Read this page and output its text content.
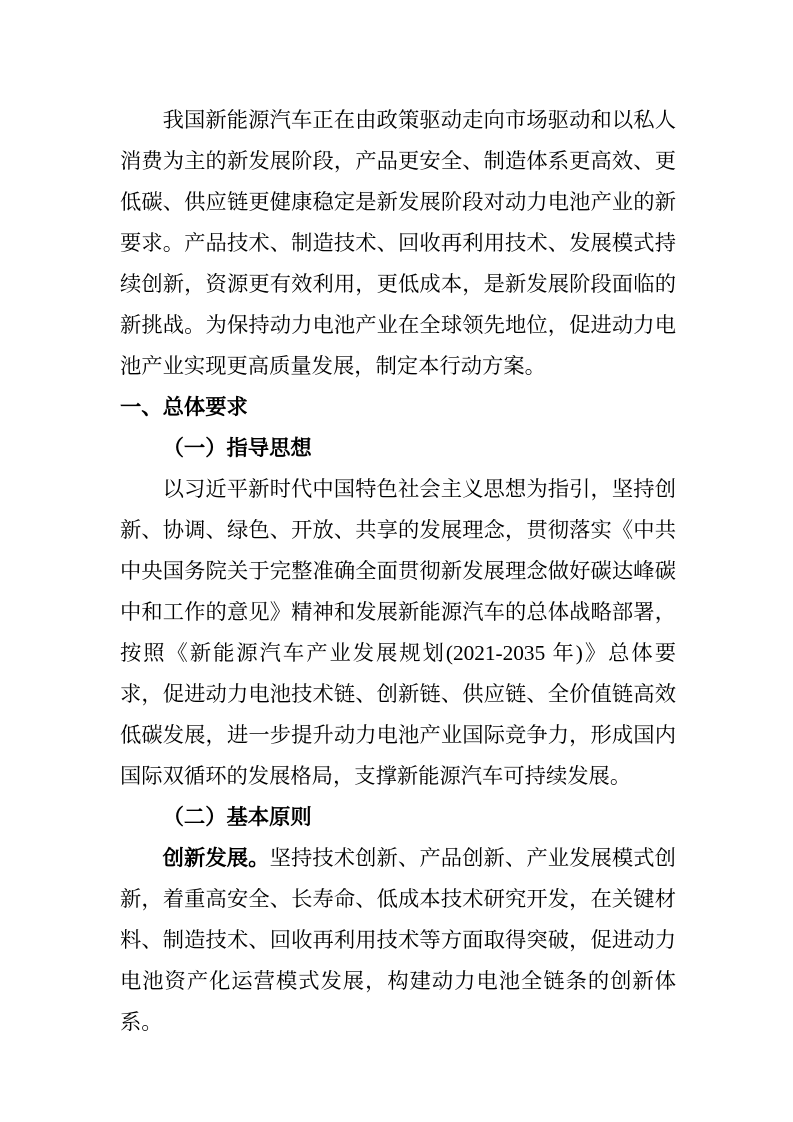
我国新能源汽车正在由政策驱动走向市场驱动和以私人消费为主的新发展阶段，产品更安全、制造体系更高效、更低碳、供应链更健康稳定是新发展阶段对动力电池产业的新要求。产品技术、制造技术、回收再利用技术、发展模式持续创新，资源更有效利用，更低成本，是新发展阶段面临的新挑战。为保持动力电池产业在全球领先地位，促进动力电池产业实现更高质量发展，制定本行动方案。

一、总体要求

（一）指导思想

以习近平新时代中国特色社会主义思想为指引，坚持创新、协调、绿色、开放、共享的发展理念，贯彻落实《中共中央国务院关于完整准确全面贯彻新发展理念做好碳达峰碳中和工作的意见》精神和发展新能源汽车的总体战略部署，按照《新能源汽车产业发展规划(2021-2035 年)》总体要求，促进动力电池技术链、创新链、供应链、全价值链高效低碳发展，进一步提升动力电池产业国际竞争力，形成国内国际双循环的发展格局，支撑新能源汽车可持续发展。

（二）基本原则

创新发展。坚持技术创新、产品创新、产业发展模式创新，着重高安全、长寿命、低成本技术研究开发，在关键材料、制造技术、回收再利用技术等方面取得突破，促进动力电池资产化运营模式发展，构建动力电池全链条的创新体系。
